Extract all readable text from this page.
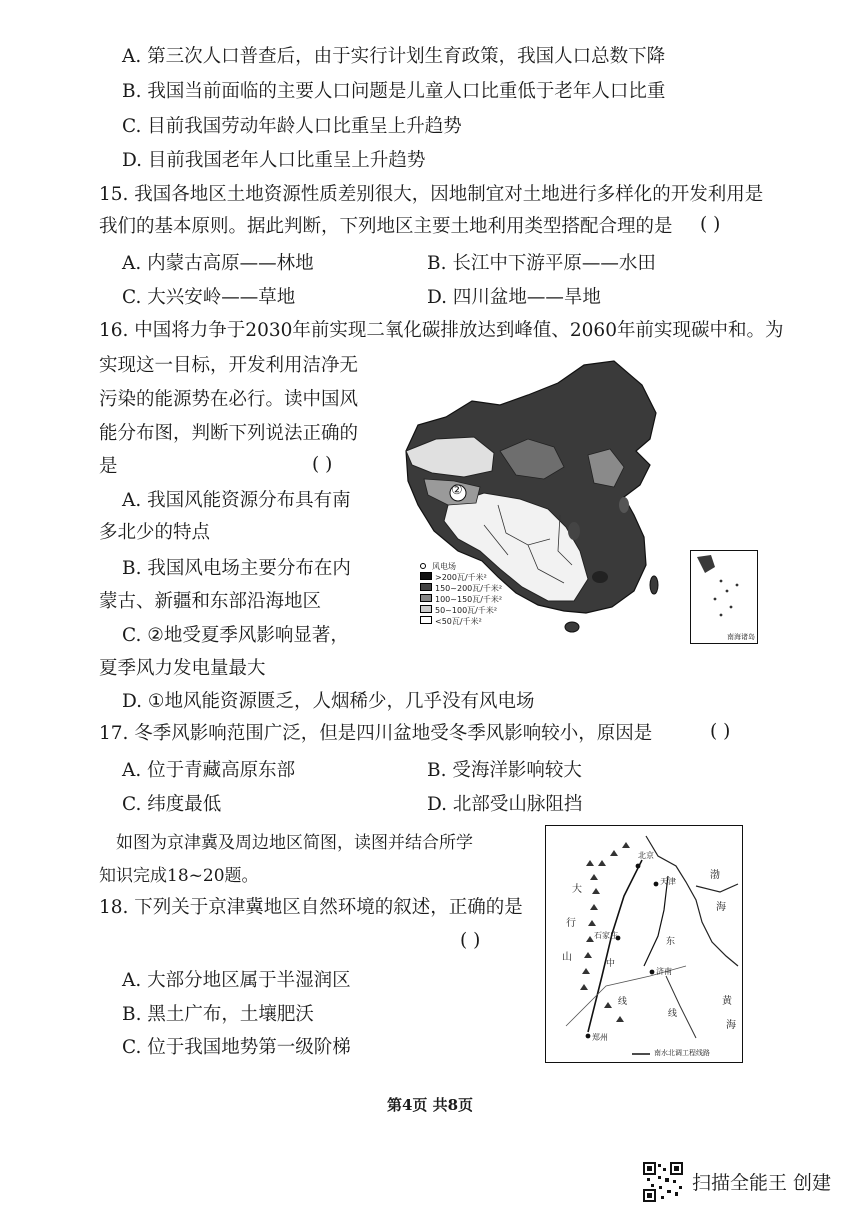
A. 第三次人口普查后，由于实行计划生育政策，我国人口总数下降
B. 我国当前面临的主要人口问题是儿童人口比重低于老年人口比重
C. 目前我国劳动年龄人口比重呈上升趋势
D. 目前我国老年人口比重呈上升趋势
15. 我国各地区土地资源性质差别很大，因地制宜对土地进行多样化的开发利用是
我们的基本原则。据此判断，下列地区主要土地利用类型搭配合理的是 ( )
A. 内蒙古高原——林地	B. 长江中下游平原——水田
C. 大兴安岭——草地	D. 四川盆地——旱地
16. 中国将力争于2030年前实现二氧化碳排放达到峰值、2060年前实现碳中和。为
实现这一目标，开发利用洁净无
污染的能源势在必行。读中国风
能分布图，判断下列说法正确的
是	( )
A. 我国风能资源分布具有南
多北少的特点
B. 我国风电场主要分布在内
蒙古、新疆和东部沿海地区
C. ②地受夏季风影响显著，
夏季风力发电量最大
D. ①地风能资源匮乏，人烟稀少，几乎没有风电场
②
风电场
>200瓦/千米²
150~200瓦/千米²
100~150瓦/千米²
50~100瓦/千米²
<50瓦/千米²
南海诸岛
17. 冬季风影响范围广泛，但是四川盆地受冬季风影响较小，原因是	( )
A. 位于青藏高原东部	B. 受海洋影响较大
C. 纬度最低	D. 北部受山脉阻挡
如图为京津冀及周边地区简图，读图并结合所学
知识完成18~20题。
18. 下列关于京津冀地区自然环境的叙述，正确的是
( )
A. 大部分地区属于半湿润区
B. 黑土广布，土壤肥沃
C. 位于我国地势第一级阶梯
北京
天津
石家庄
济南
郑州
大
行
山
渤
海
黄
海
中
线
东
线
南水北调工程线路
第4页 共8页
扫描全能王 创建
